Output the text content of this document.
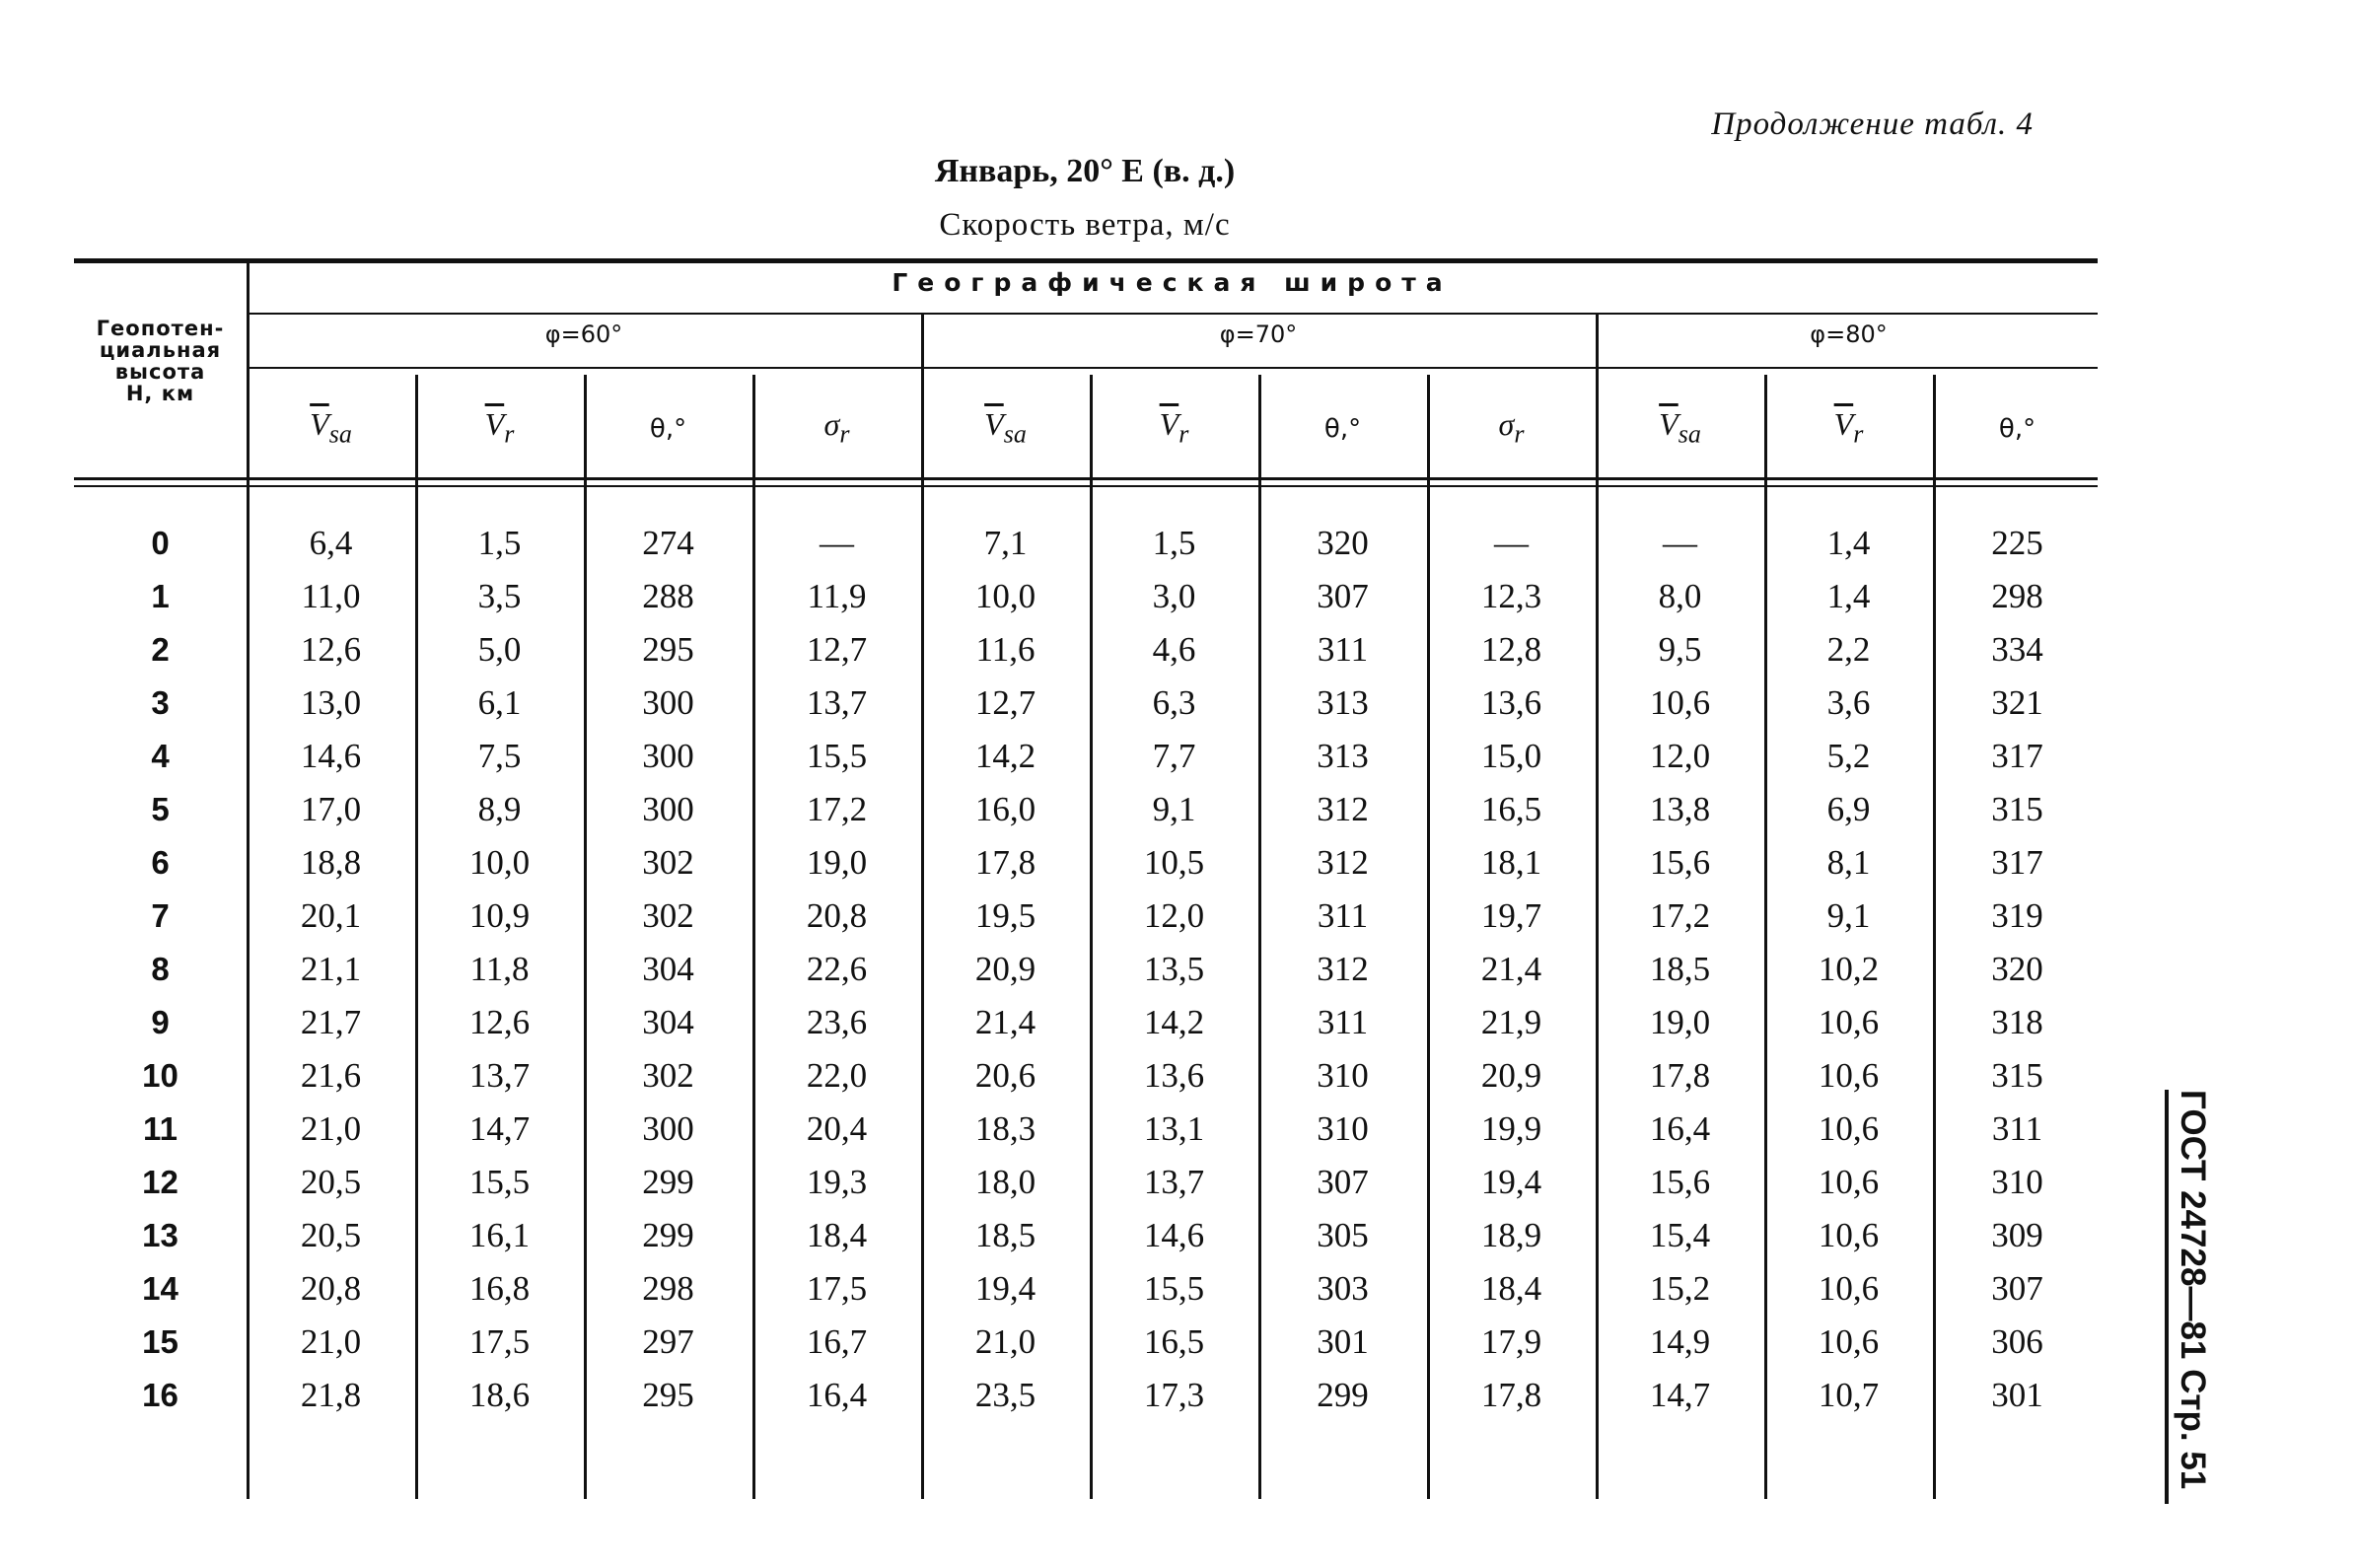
Продолжение табл. 4
Январь, 20° E (в. д.)
Скорость ветра, м/с
Геопотен-
циальная
высота
H, км
Географическая широта
φ=60°	φ=70°	φ=80°
$\overline{V}_{sa}$	$\overline{V}_r$	θ,°	$\sigma_r$	$\overline{V}_{sa}$	$\overline{V}_r$	θ,°	$\sigma_r$	$\overline{V}_{sa}$	$\overline{V}_r$	θ,°
0	6,4	1,5	274	—	7,1	1,5	320	—	—	1,4	225
1	11,0	3,5	288	11,9	10,0	3,0	307	12,3	8,0	1,4	298
2	12,6	5,0	295	12,7	11,6	4,6	311	12,8	9,5	2,2	334
3	13,0	6,1	300	13,7	12,7	6,3	313	13,6	10,6	3,6	321
4	14,6	7,5	300	15,5	14,2	7,7	313	15,0	12,0	5,2	317
5	17,0	8,9	300	17,2	16,0	9,1	312	16,5	13,8	6,9	315
6	18,8	10,0	302	19,0	17,8	10,5	312	18,1	15,6	8,1	317
7	20,1	10,9	302	20,8	19,5	12,0	311	19,7	17,2	9,1	319
8	21,1	11,8	304	22,6	20,9	13,5	312	21,4	18,5	10,2	320
9	21,7	12,6	304	23,6	21,4	14,2	311	21,9	19,0	10,6	318
10	21,6	13,7	302	22,0	20,6	13,6	310	20,9	17,8	10,6	315
11	21,0	14,7	300	20,4	18,3	13,1	310	19,9	16,4	10,6	311
12	20,5	15,5	299	19,3	18,0	13,7	307	19,4	15,6	10,6	310
13	20,5	16,1	299	18,4	18,5	14,6	305	18,9	15,4	10,6	309
14	20,8	16,8	298	17,5	19,4	15,5	303	18,4	15,2	10,6	307
15	21,0	17,5	297	16,7	21,0	16,5	301	17,9	14,9	10,6	306
16	21,8	18,6	295	16,4	23,5	17,3	299	17,8	14,7	10,7	301	ГОСТ 24728—81 Стр. 51
